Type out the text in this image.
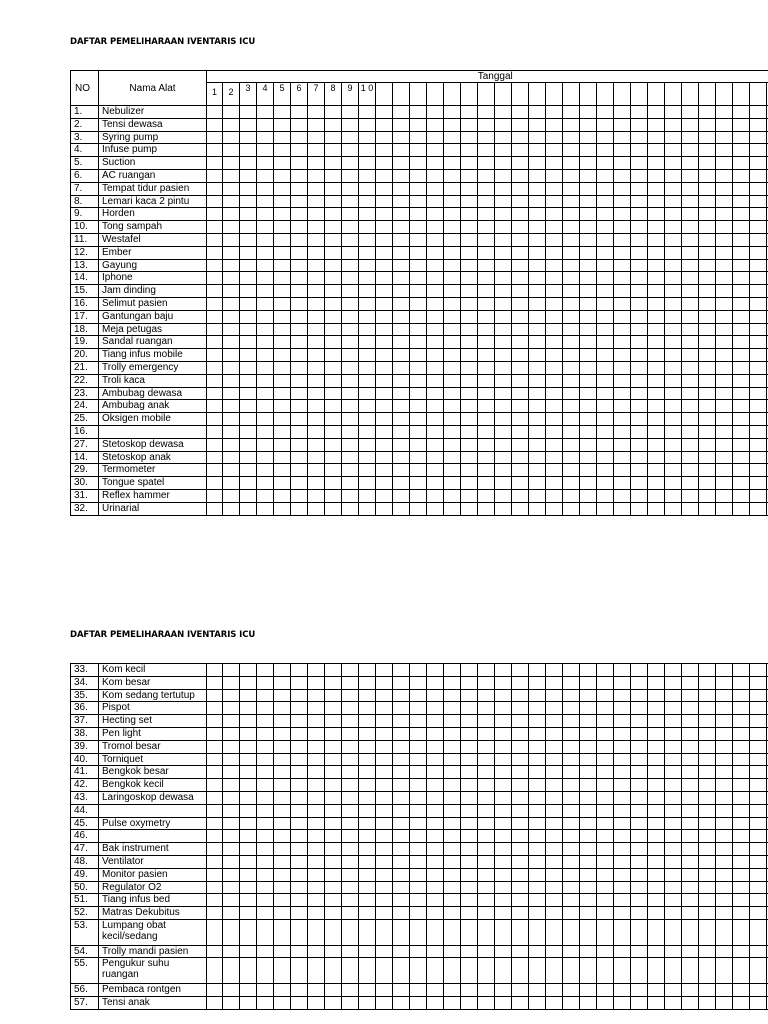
DAFTAR PEMELIHARAAN IVENTARIS ICU
NO	Nama Alat	Tanggal																																	
		1	2	3	4	5	6	7	8	9	1 0																								
1.	Nebulizer																																		
2.	Tensi dewasa																																		
3.	Syring pump																																		
4.	Infuse pump																																		
5.	Suction																																		
6.	AC ruangan																																		
7.	Tempat tidur pasien																																		
8.	Lemari kaca 2 pintu																																		
9.	Horden																																		
10.	Tong sampah																																		
11.	Westafel																																		
12.	Ember																																		
13.	Gayung																																		
14.	Iphone																																		
15.	Jam dinding																																		
16.	Selimut pasien																																		
17.	Gantungan baju																																		
18.	Meja petugas																																		
19.	Sandal ruangan																																		
20.	Tiang infus mobile																																		
21.	Trolly emergency																																		
22.	Troli kaca																																		
23.	Ambubag dewasa																																		
24.	Ambubag anak																																		
25.	Oksigen mobile																																		
16.																																			
27.	Stetoskop dewasa																																		
14.	Stetoskop anak																																		
29.	Termometer																																		
30.	Tongue spatel																																		
31.	Reflex hammer																																		
32.	Urinarial																																		
DAFTAR PEMELIHARAAN IVENTARIS ICU
33.	Kom kecil																																		
34.	Kom besar																																		
35.	Kom sedang tertutup																																		
36.	Pispot																																		
37.	Hecting set																																		
38.	Pen light																																		
39.	Tromol besar																																		
40.	Torniquet																																		
41.	Bengkok besar																																		
42.	Bengkok kecil																																		
43.	Laringoskop dewasa																																		
44.																																			
45.	Pulse oxymetry																																		
46.																																			
47.	Bak instrument																																		
48.	Ventilator																																		
49.	Monitor pasien																																		
50.	Regulator O2																																		
51.	Tiang infus bed																																		
52.	Matras Dekubitus																																		
53.	Lumpang obat kecil/sedang																																		
54.	Trolly mandi pasien																																		
55.	Pengukur suhu ruangan																																		
56.	Pembaca rontgen																																		
57.	Tensi anak																																		
